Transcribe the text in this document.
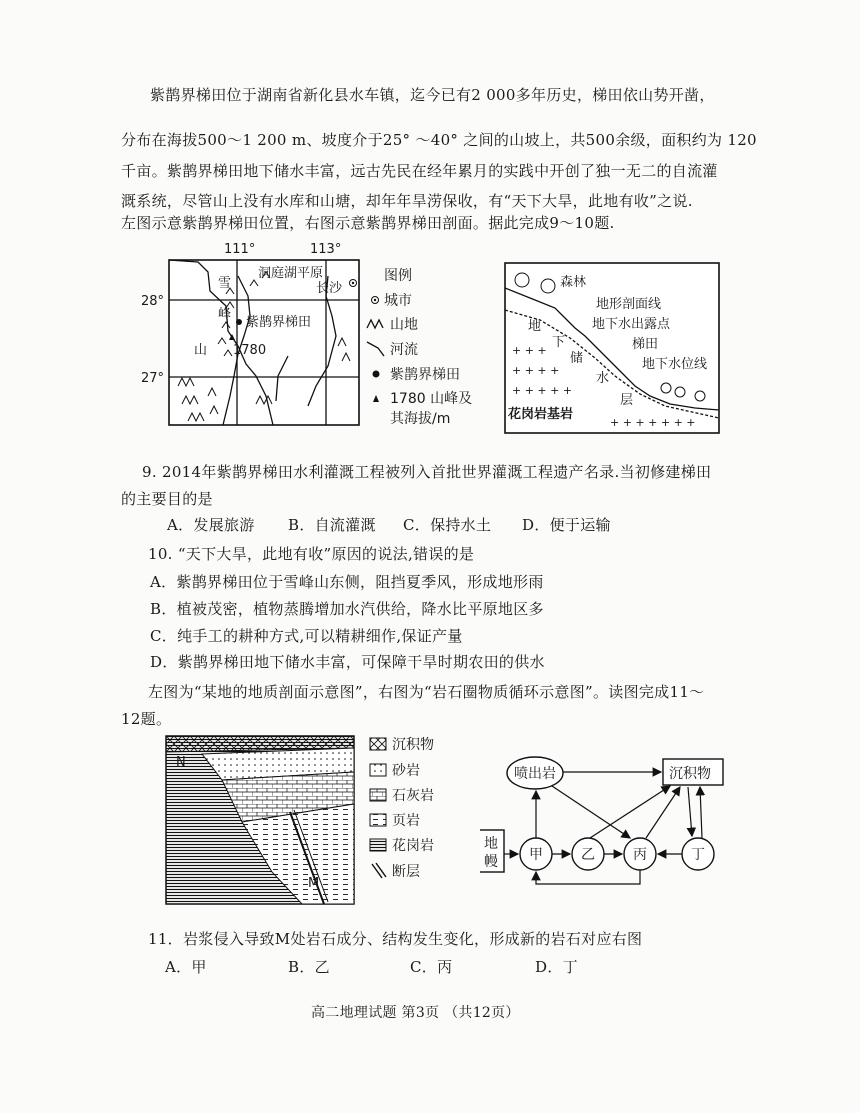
紫鹊界梯田位于湖南省新化县水车镇，迄今已有2 000多年历史，梯田依山势开凿，
分布在海拔500～1 200 m、坡度介于25° ～40° 之间的山坡上，共500余级，面积约为 120
千亩。紫鹊界梯田地下储水丰富，远古先民在经年累月的实践中开创了独一无二的自流灌
溉系统，尽管山上没有水库和山塘，却年年旱涝保收，有“天下大旱，此地有收”之说.
左图示意紫鹊界梯田位置，右图示意紫鹊界梯田剖面。据此完成9～10题.
111°	113°
28°
27°
洞庭湖平原
长沙
雪
峰
山
紫鹊界梯田
1780
图例
城市
山地
河流
紫鹊界梯田
1780 山峰及
其海拔/m
森林
地形剖面线
地下水出露点
梯田
地下水位线
地
下
储
水
层
+ + +
+ + + +
+ + + + +
+ + + + + + +
花岗岩基岩
9. 2014年紫鹊界梯田水利灌溉工程被列入首批世界灌溉工程遗产名录.当初修建梯田
的主要目的是
A．发展旅游 B．自流灌溉 C．保持水土 D．便于运输
10. “天下大旱，此地有收”原因的说法,错误的是
A．紫鹊界梯田位于雪峰山东侧，阻挡夏季风，形成地形雨
B．植被茂密，植物蒸腾增加水汽供给，降水比平原地区多
C．纯手工的耕种方式,可以精耕细作,保证产量
D．紫鹊界梯田地下储水丰富，可保障干旱时期农田的供水
左图为“某地的地质剖面示意图”，右图为“岩石圈物质循环示意图”。读图完成11～
12题。
N
M
沉积物
砂岩
石灰岩
页岩
花岗岩
断层
喷出岩	沉积物
地
幔 甲	乙	丙	丁
11．岩浆侵入导致M处岩石成分、结构发生变化，形成新的岩石对应右图
A．甲	B．乙	C．丙	D．丁
高二地理试题 第3页 （共12页）
